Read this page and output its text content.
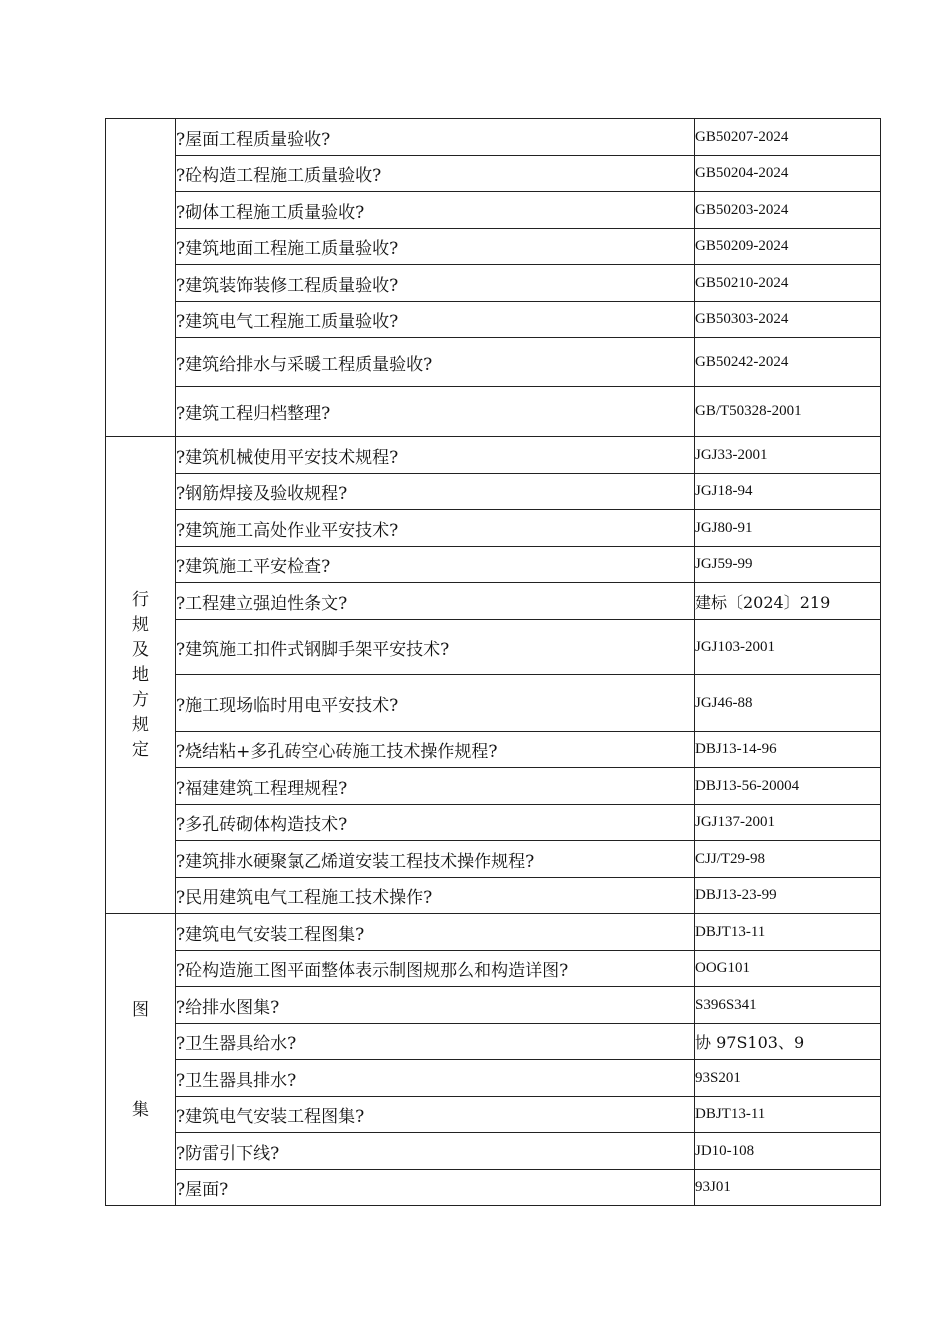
	?屋面工程质量验收?	GB50207-2024
	?砼构造工程施工质量验收?	GB50204-2024
	?砌体工程施工质量验收?	GB50203-2024
	?建筑地面工程施工质量验收?	GB50209-2024
	?建筑装饰装修工程质量验收?	GB50210-2024
	?建筑电气工程施工质量验收?	GB50303-2024
	?建筑给排水与采暖工程质量验收?	GB50242-2024
	?建筑工程归档整理?	GB/T50328-2001
行规及地方规定	?建筑机械使用平安技术规程?	JGJ33-2001
	?钢筋焊接及验收规程?	JGJ18-94
	?建筑施工高处作业平安技术?	JGJ80-91
	?建筑施工平安检查?	JGJ59-99
	?工程建立强迫性条文?	建标〔2024〕219
	?建筑施工扣件式钢脚手架平安技术?	JGJ103-2001
	?施工现场临时用电平安技术?	JGJ46-88
	?烧结粘+多孔砖空心砖施工技术操作规程?	DBJ13-14-96
	?福建建筑工程理规程?	DBJ13-56-20004
	?多孔砖砌体构造技术?	JGJ137-2001
	?建筑排水硬聚氯乙烯道安装工程技术操作规程?	CJJ/T29-98
	?民用建筑电气工程施工技术操作?	DBJ13-23-99
图集	?建筑电气安装工程图集?	DBJT13-11
	?砼构造施工图平面整体表示制图规那么和构造详图?	OOG101
	?给排水图集?	S396S341
	?卫生器具给水?	协 97S103、9
	?卫生器具排水?	93S201
	?建筑电气安装工程图集?	DBJT13-11
	?防雷引下线?	JD10-108
	?屋面?	93J01
